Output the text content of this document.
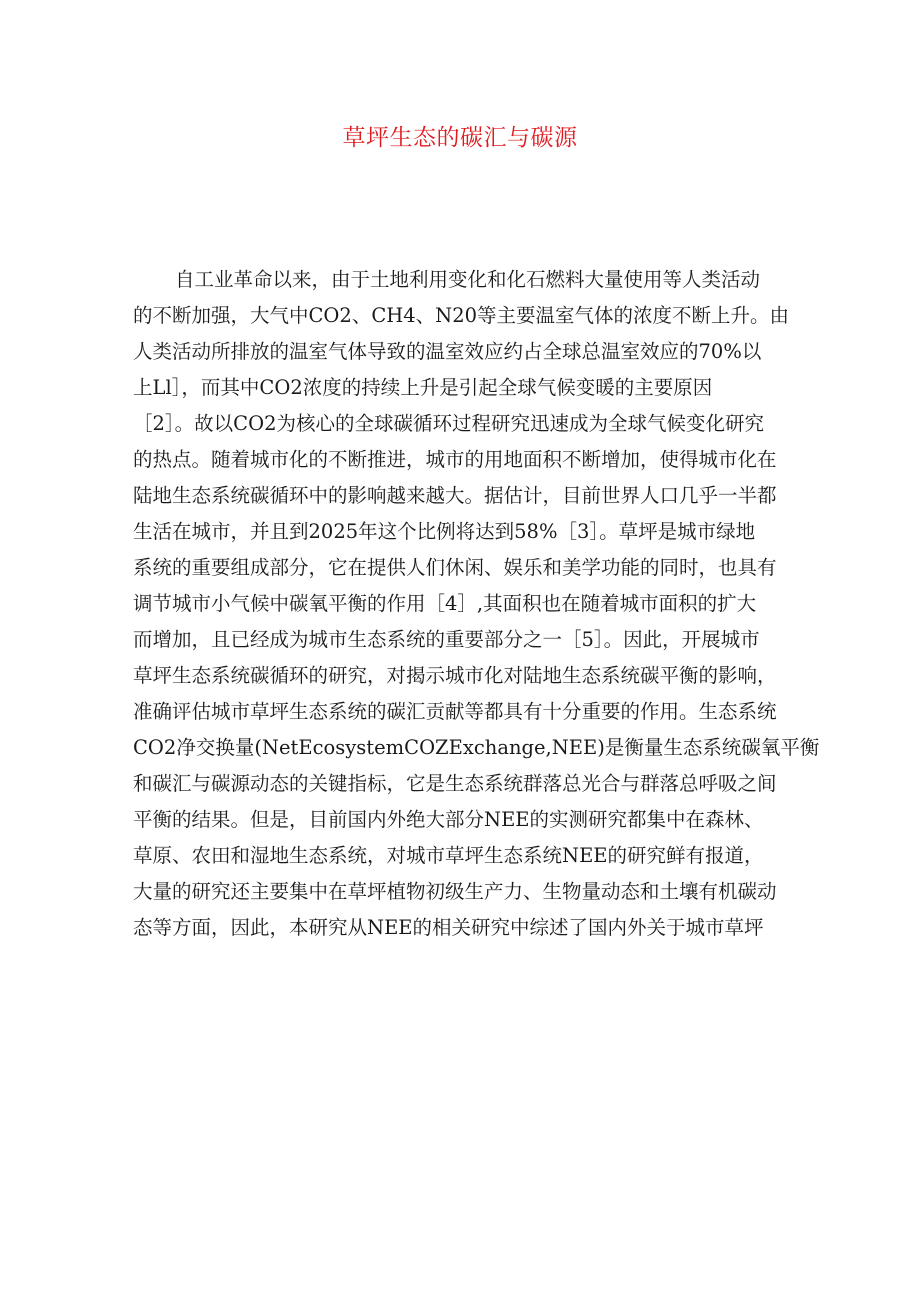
草坪生态的碳汇与碳源
自工业革命以来，由于土地利用变化和化石燃料大量使用等人类活动
的不断加强，大气中CO2、CH4、N20等主要温室气体的浓度不断上升。由
人类活动所排放的温室气体导致的温室效应约占全球总温室效应的70%以
上Ll］，而其中CO2浓度的持续上升是引起全球气候变暖的主要原因
［2］。故以CO2为核心的全球碳循环过程研究迅速成为全球气候变化研究
的热点。随着城市化的不断推进，城市的用地面积不断增加，使得城市化在
陆地生态系统碳循环中的影响越来越大。据估计，目前世界人口几乎一半都
生活在城市，并且到2025年这个比例将达到58%［3］。草坪是城市绿地
系统的重要组成部分，它在提供人们休闲、娱乐和美学功能的同时，也具有
调节城市小气候中碳氧平衡的作用［4］,其面积也在随着城市面积的扩大
而增加，且已经成为城市生态系统的重要部分之一［5］。因此，开展城市
草坪生态系统碳循环的研究，对揭示城市化对陆地生态系统碳平衡的影响，
准确评估城市草坪生态系统的碳汇贡献等都具有十分重要的作用。生态系统
CO2净交换量(NetEcosystemCOZExchange,NEE)是衡量生态系统碳氧平衡
和碳汇与碳源动态的关键指标，它是生态系统群落总光合与群落总呼吸之间
平衡的结果。但是，目前国内外绝大部分NEE的实测研究都集中在森林、
草原、农田和湿地生态系统，对城市草坪生态系统NEE的研究鲜有报道，
大量的研究还主要集中在草坪植物初级生产力、生物量动态和土壤有机碳动
态等方面，因此，本研究从NEE的相关研究中综述了国内外关于城市草坪
